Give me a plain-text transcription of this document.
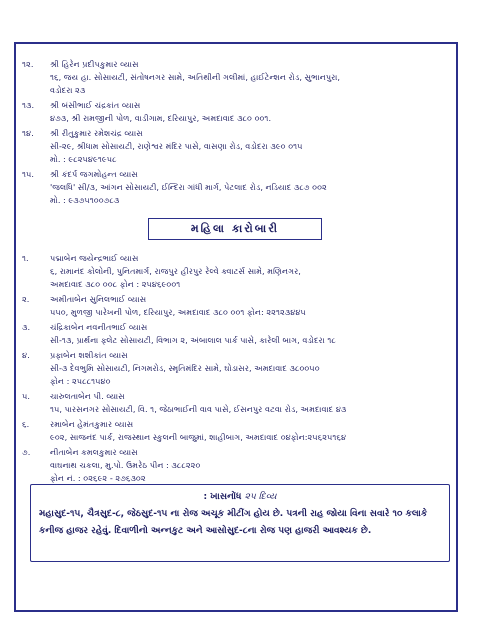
૧૨. શ્રી હિરેન પ્રદીપકુમાર વ્યાસ
૧૬, જય હા. સોસાયટી, સંતોષનગર સામે, અતિથીની ગલીમાં, હાઈટેન્શન રોડ, સુભાનપુરા,
વડોદરા ૨૩
૧૩. શ્રી બંસીભાઈ ચંદ્રકાંત વ્યાસ
૪૭૩, શ્રી રામજીની પોળ, વાડીગામ, દરિયાપુર, અમદાવાદ ૩૮૦ ૦૦૧.
૧૪. શ્રી રીતુકુમાર રમેશચંદ્ર વ્યાસ
સી-૨૯, શ્રીધામ સોસાયટી, રાણેશ્વર મંદિર પાસે, વાસણા રોડ, વડોદરા ૩૯૦ ૦૧૫
મો. : ૯૮૨૫૪૯૧૯૫૮
૧૫. શ્રી કંદર્પ જગમોહન્ત વ્યાસ
'જલધિ' સી/૩, આંગન સોસાયટી, ઈન્દિરા ગાંધી માર્ગ, પેટલાદ રોડ, નડિયાદ ૩૮૭ ૦૦૨
મો. : ૯૩૭૫૧૦૦૭૮૩
મહિલા કારોબારી
૧.	પદ્માબેન જયેન્દ્રભાઈ વ્યાસ
૬, રામાનંદ કોલોની, પુનિતમાર્ગ, રાજપુર હીરપુર રેલ્વે ક્વાટર્સ સામે, મણિનગર,
અમદાવાદ ૩૮૦ ૦૦૮ ફોન : ૨૫૪૬૯૦૦૧
૨.	અમીતાબેન સુનિલભાઈ વ્યાસ
૫૫૦, મુળજી પારેખની પોળ, દરિયાપુર, અમદાવાદ ૩૮૦ ૦૦૧ ફોન: ૨૨૧૨૩૪૪૫
૩. ચંદ્રિકાબેન નવનીતભાઈ વ્યાસ
સી-૧૩, પ્રાર્થના ફ્લેટ સોસાયટી, વિભાગ ૨, અંબાલાલ પાર્ક પાસે, કારેલી બાગ, વડોદરા ૧૮
૪. પ્રફાબેન શશીકાંત વ્યાસ
સી-૩ દેવભુમિ સોસાયટી, નિગમરોડ, સ્મૃતિમંદિર સામે, ઘોડાસર, અમદાવાદ ૩૮૦૦૫૦
ફોન : ૨૫૮૮૧૫૪૦
૫. ચારુલતાબેન પી. વ્યાસ
૧૫, પારસનગર સોસાયટી, વિ. ૧, જેઠાભાઈની વાવ પાસે, ઈસનપુર વટવા રોડ, અમદાવાદ ૪૩
૬.	રમાબેન હેમંતકુમાર વ્યાસ
૯૦૨, સાજનંદ પાર્ક, રાજસ્થાન સ્કુલની બાજુમાં, શાહીબાગ, અમદાવાદ ૦૪ફોન:૨૫૬૨૫૧૬૪
૭. નીતાબેન કમલકુમાર વ્યાસ
વાઘનાથ ચકલા, મુ.પો. ઉમરેઠ પીન : ૩૮૮૨૨૦
ફોન નં. : ૦૨૬૯૨ - ૨૭૬૩૦૨
: ખાસનોંધ ૨૫ દિવ્ય
મહાસુદ-૧૫, ચૈત્રસુદ-૮, જેઠસુદ-૧૫ ના રોજ અચૂક મીટીંગ હોય છે. પત્રની રાહ જોયા વિના સવારે ૧૦ કલાકે કનીજ હાજર રહેવું. દિવાળીનો અન્નકુટ અને આસોસુદ-૮ના રોજ પણ હાજરી આવશ્યક છે.
